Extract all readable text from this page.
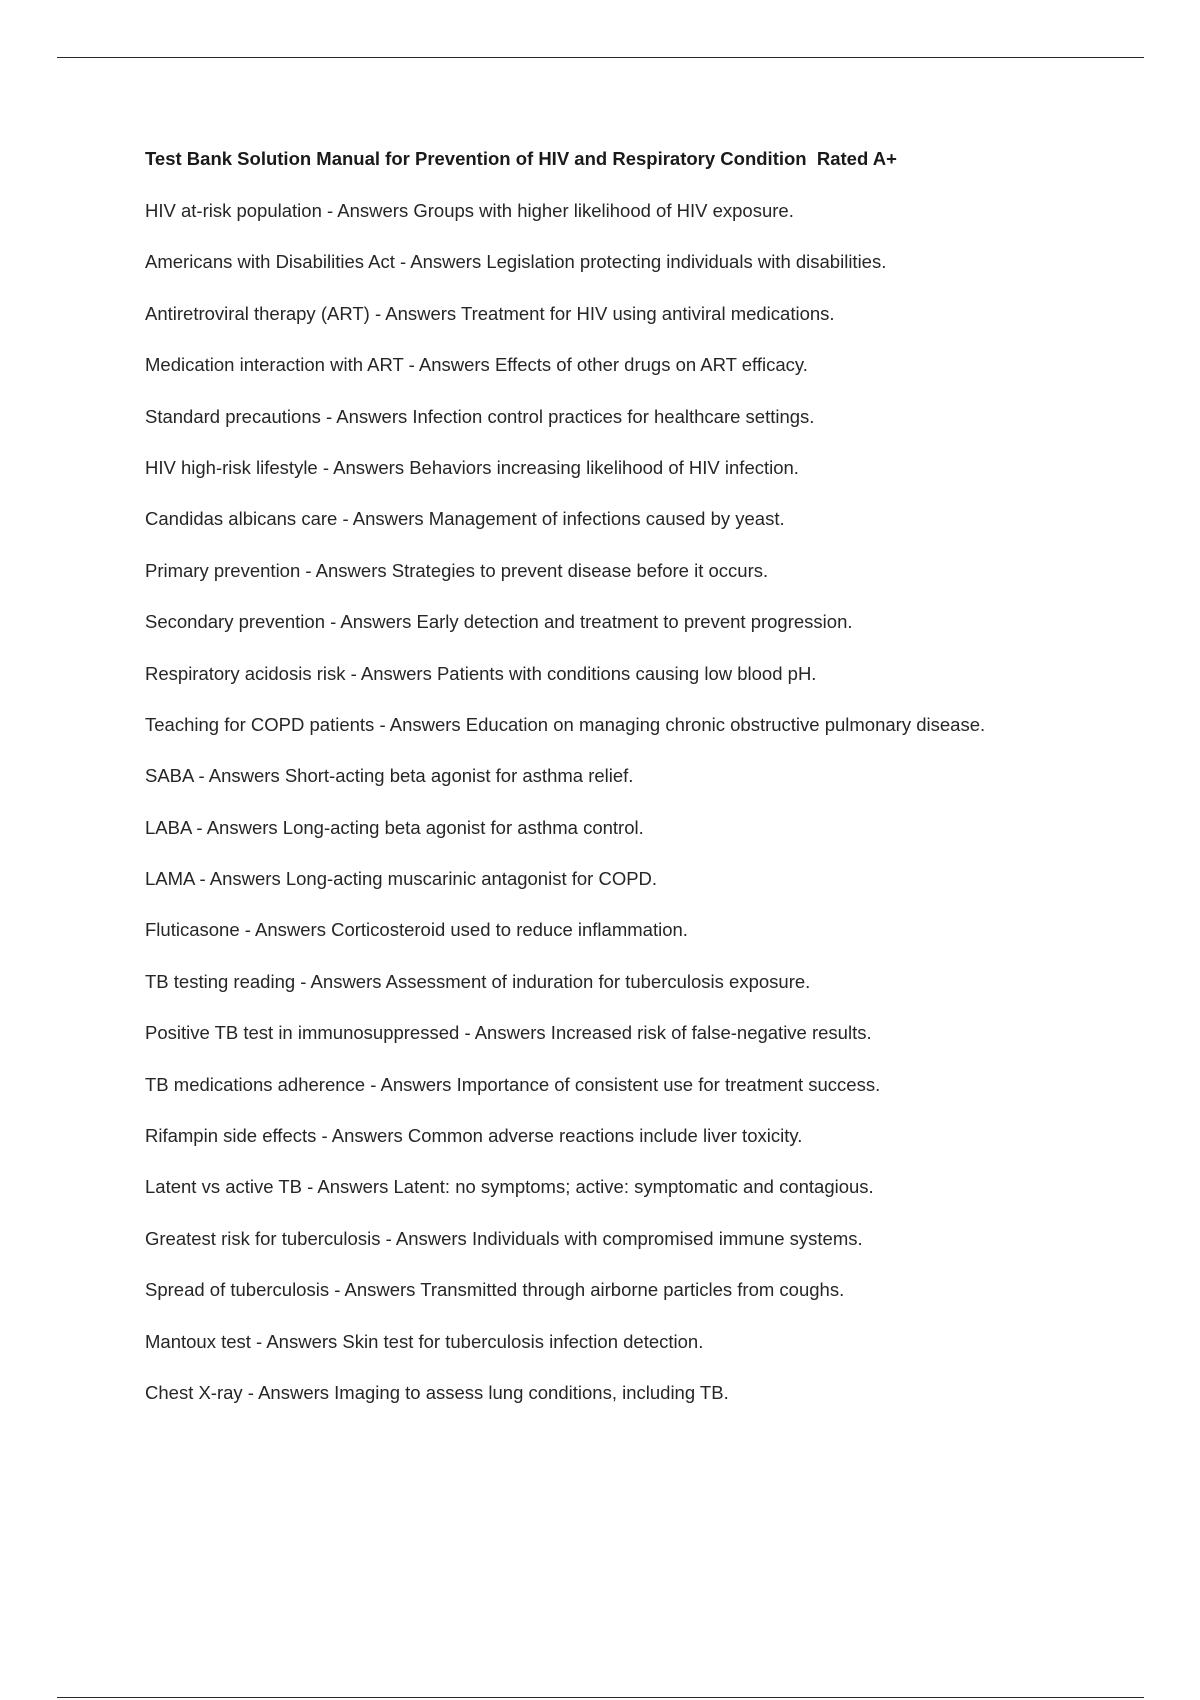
Test Bank Solution Manual for Prevention of HIV and Respiratory Condition  Rated A+
HIV at-risk population - Answers Groups with higher likelihood of HIV exposure.
Americans with Disabilities Act - Answers Legislation protecting individuals with disabilities.
Antiretroviral therapy (ART) - Answers Treatment for HIV using antiviral medications.
Medication interaction with ART - Answers Effects of other drugs on ART efficacy.
Standard precautions - Answers Infection control practices for healthcare settings.
HIV high-risk lifestyle - Answers Behaviors increasing likelihood of HIV infection.
Candidas albicans care - Answers Management of infections caused by yeast.
Primary prevention - Answers Strategies to prevent disease before it occurs.
Secondary prevention - Answers Early detection and treatment to prevent progression.
Respiratory acidosis risk - Answers Patients with conditions causing low blood pH.
Teaching for COPD patients - Answers Education on managing chronic obstructive pulmonary disease.
SABA - Answers Short-acting beta agonist for asthma relief.
LABA - Answers Long-acting beta agonist for asthma control.
LAMA - Answers Long-acting muscarinic antagonist for COPD.
Fluticasone - Answers Corticosteroid used to reduce inflammation.
TB testing reading - Answers Assessment of induration for tuberculosis exposure.
Positive TB test in immunosuppressed - Answers Increased risk of false-negative results.
TB medications adherence - Answers Importance of consistent use for treatment success.
Rifampin side effects - Answers Common adverse reactions include liver toxicity.
Latent vs active TB - Answers Latent: no symptoms; active: symptomatic and contagious.
Greatest risk for tuberculosis - Answers Individuals with compromised immune systems.
Spread of tuberculosis - Answers Transmitted through airborne particles from coughs.
Mantoux test - Answers Skin test for tuberculosis infection detection.
Chest X-ray - Answers Imaging to assess lung conditions, including TB.
